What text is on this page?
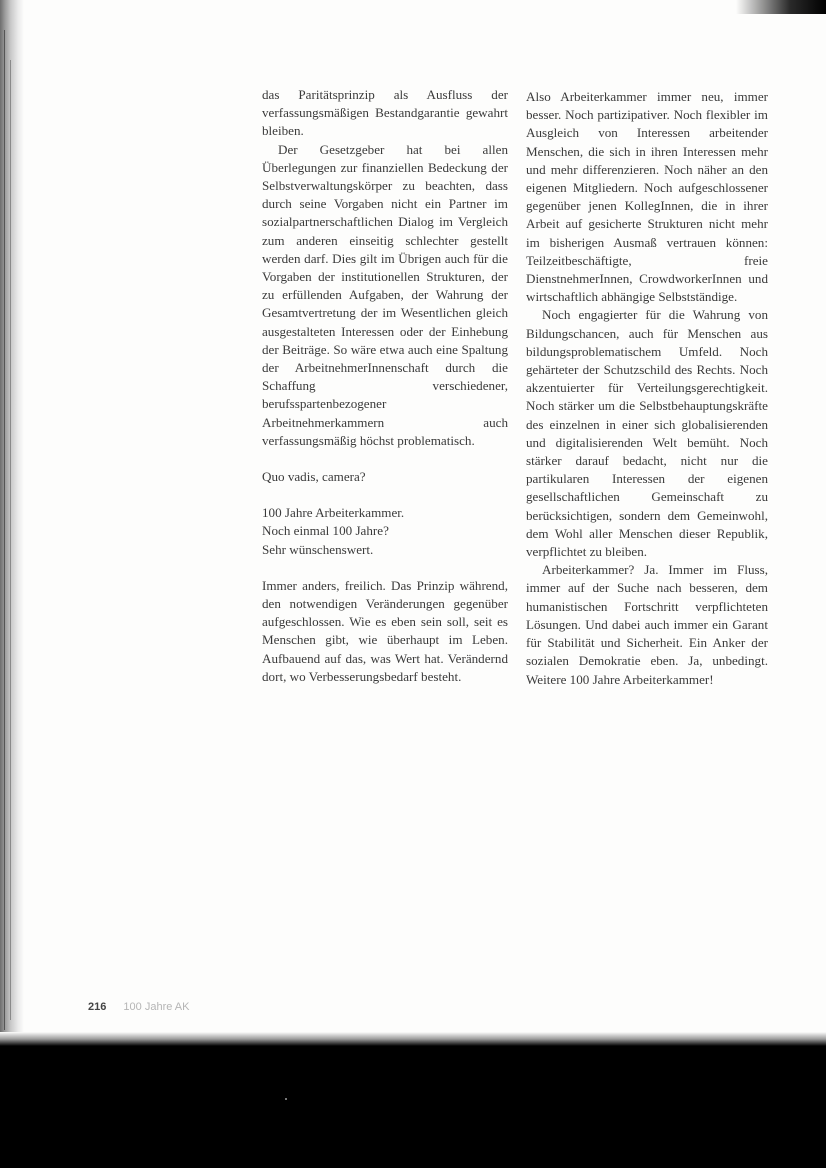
das Paritätsprinzip als Ausfluss der verfassungsmäßigen Bestandgarantie gewahrt bleiben.

Der Gesetzgeber hat bei allen Überlegungen zur finanziellen Bedeckung der Selbstverwaltungskörper zu beachten, dass durch seine Vorgaben nicht ein Partner im sozialpartnerschaftlichen Dialog im Vergleich zum anderen einseitig schlechter gestellt werden darf. Dies gilt im Übrigen auch für die Vorgaben der institutionellen Strukturen, der zu erfüllenden Aufgaben, der Wahrung der Gesamtvertretung der im Wesentlichen gleich ausgestalteten Interessen oder der Einhebung der Beiträge. So wäre etwa auch eine Spaltung der ArbeitnehmerInnenschaft durch die Schaffung verschiedener, berufsspartenbezogener Arbeitnehmerkammern auch verfassungsmäßig höchst problematisch.

Quo vadis, camera?

100 Jahre Arbeiterkammer.

Noch einmal 100 Jahre?

Sehr wünschenswert.

Immer anders, freilich. Das Prinzip während, den notwendigen Veränderungen gegenüber aufgeschlossen. Wie es eben sein soll, seit es Menschen gibt, wie überhaupt im Leben. Aufbauend auf das, was Wert hat. Verändernd dort, wo Verbesserungsbedarf besteht.

Also Arbeiterkammer immer neu, immer besser. Noch partizipativer. Noch flexibler im Ausgleich von Interessen arbeitender Menschen, die sich in ihren Interessen mehr und mehr differenzieren. Noch näher an den eigenen Mitgliedern. Noch aufgeschlossener gegenüber jenen KollegInnen, die in ihrer Arbeit auf gesicherte Strukturen nicht mehr im bisherigen Ausmaß vertrauen können: Teilzeitbeschäftigte, freie DienstnehmerInnen, CrowdworkerInnen und wirtschaftlich abhängige Selbstständige.

Noch engagierter für die Wahrung von Bildungschancen, auch für Menschen aus bildungsproblematischem Umfeld. Noch gehärteter der Schutzschild des Rechts. Noch akzentuierter für Verteilungsgerechtigkeit. Noch stärker um die Selbstbehauptungskräfte des einzelnen in einer sich globalisierenden und digitalisierenden Welt bemüht. Noch stärker darauf bedacht, nicht nur die partikularen Interessen der eigenen gesellschaftlichen Gemeinschaft zu berücksichtigen, sondern dem Gemeinwohl, dem Wohl aller Menschen dieser Republik, verpflichtet zu bleiben.

Arbeiterkammer? Ja. Immer im Fluss, immer auf der Suche nach besseren, dem humanistischen Fortschritt verpflichteten Lösungen. Und dabei auch immer ein Garant für Stabilität und Sicherheit. Ein Anker der sozialen Demokratie eben. Ja, unbedingt. Weitere 100 Jahre Arbeiterkammer!

216 100 Jahre AK
